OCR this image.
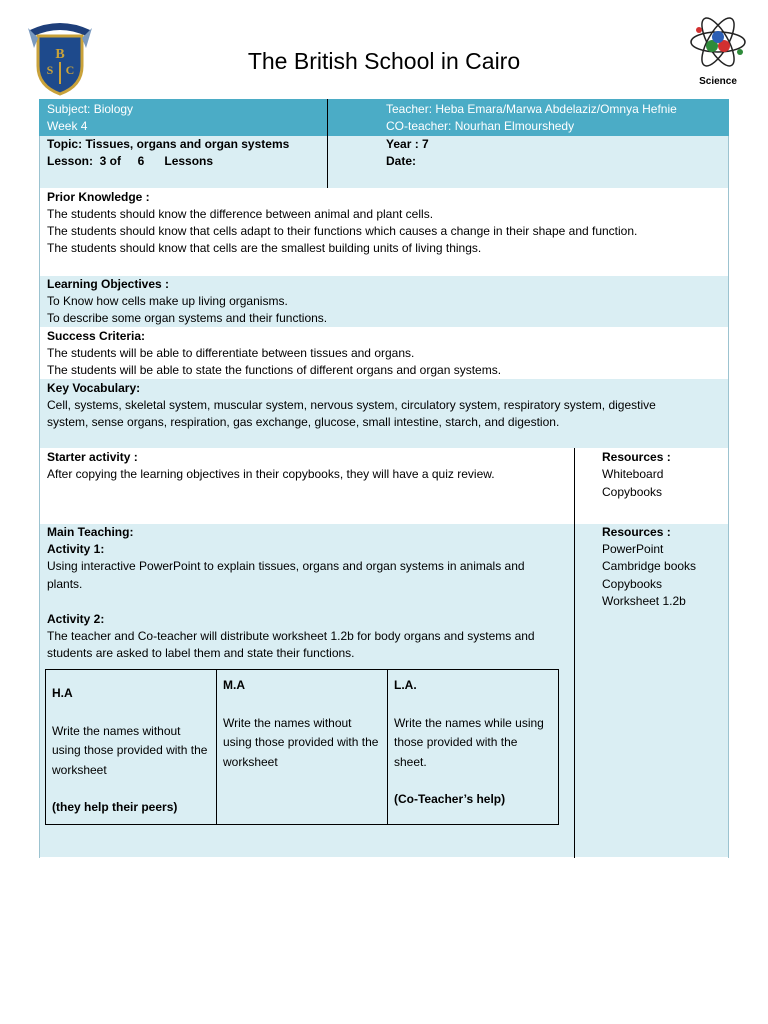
B
S C	The British School in Cairo
Science
Subject: Biology
Week 4
Teacher: Heba Emara/Marwa Abdelaziz/Omnya Hefnie
CO-teacher: Nourhan Elmourshedy
Topic: Tissues, organs and organ systems
Lesson:  3 of     6      Lessons
Year : 7
Date:
Prior Knowledge :
The students should know the difference between animal and plant cells.
The students should know that cells adapt to their functions which causes a change in their shape and function.
The students should know that cells are the smallest building units of living things.
Learning Objectives :
To Know how cells make up living organisms.
To describe some organ systems and their functions.
Success Criteria:
The students will be able to differentiate between tissues and organs.
The students will be able to state the functions of different organs and organ systems.
Key Vocabulary:
Cell, systems, skeletal system, muscular system, nervous system, circulatory system, respiratory system, digestive
system, sense organs, respiration, gas exchange, glucose, small intestine, starch, and digestion.
Starter activity :
After copying the learning objectives in their copybooks, they will have a quiz review.
Resources :
Whiteboard
Copybooks
Main Teaching:
Activity 1:
Using interactive PowerPoint to explain tissues, organs and organ systems in animals and
plants.
Activity 2:
The teacher and Co-teacher will distribute worksheet 1.2b for body organs and systems and
students are asked to label them and state their functions.
Resources :
PowerPoint
Cambridge books
Copybooks
Worksheet 1.2b
H.A
Write the names without using those provided with the worksheet
(they help their peers)

M.A
Write the names without using those provided with the worksheet

L.A.
Write the names while using those provided with the sheet.
(Co-Teacher’s help)
